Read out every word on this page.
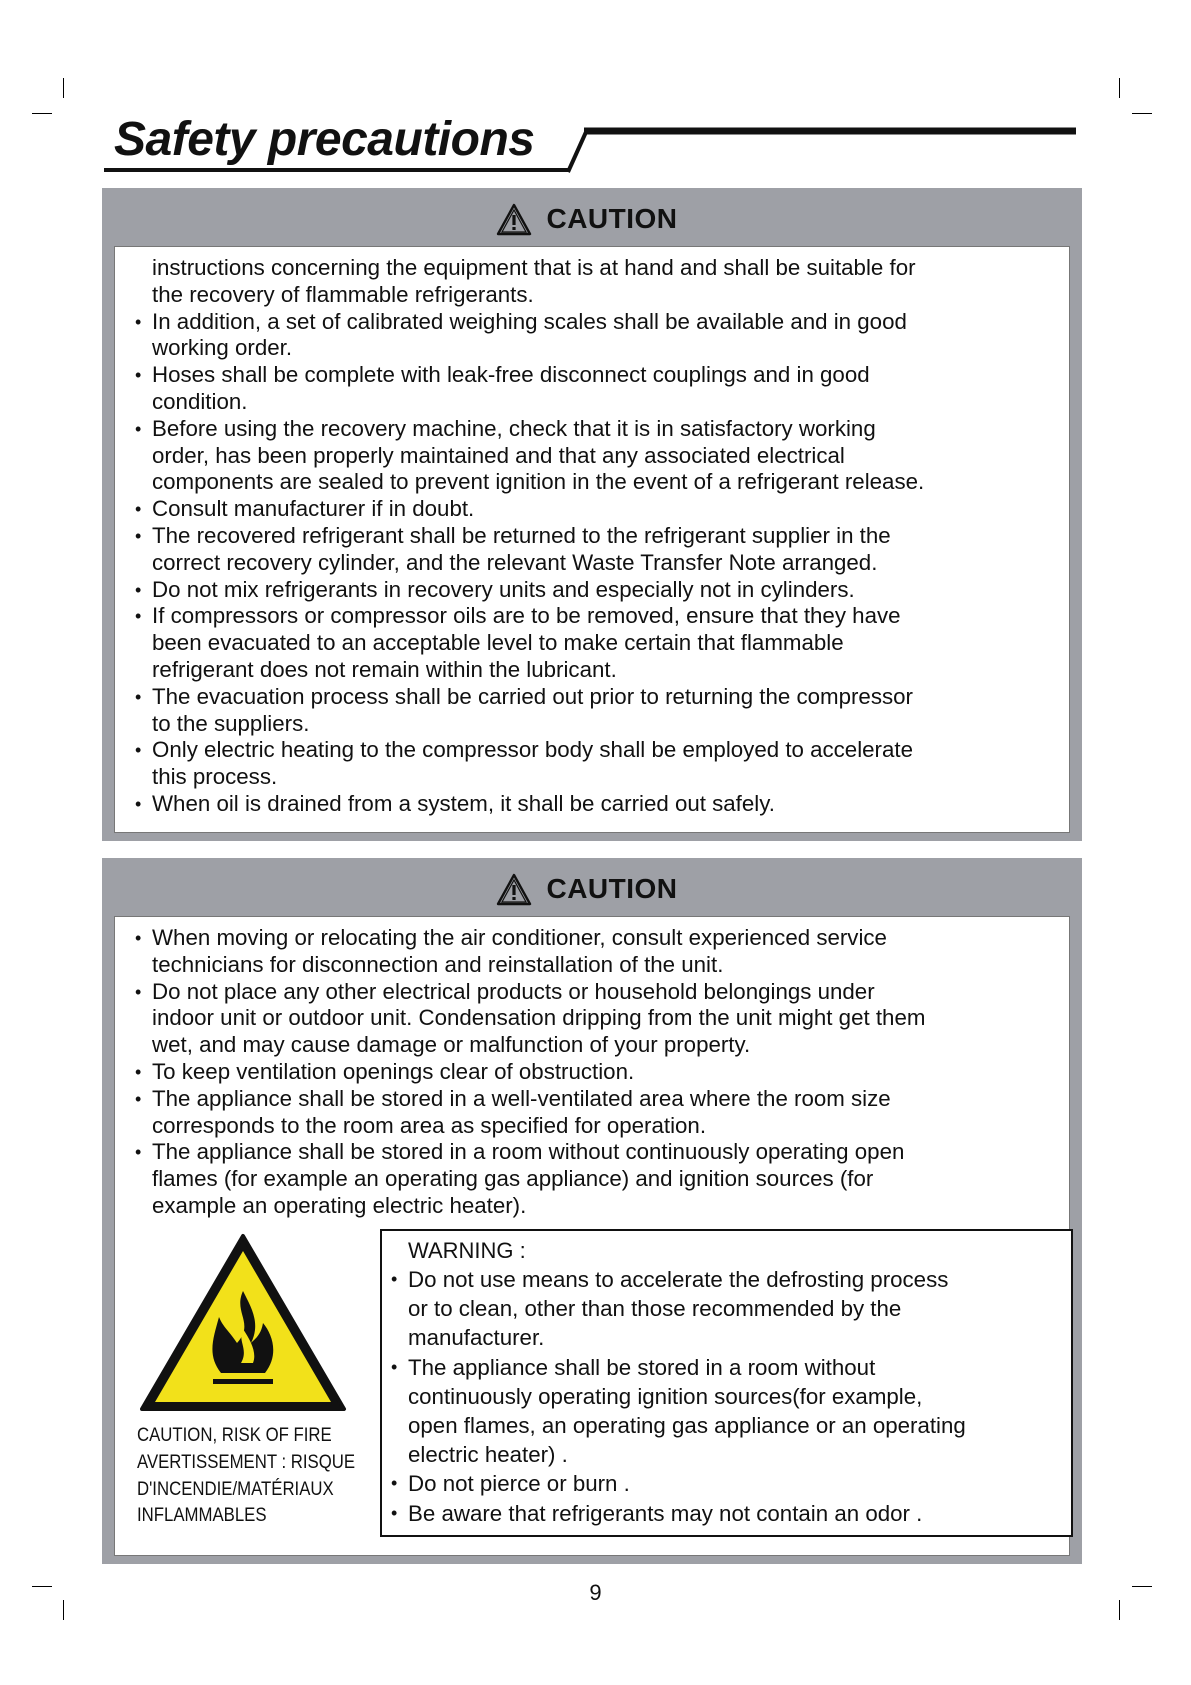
Safety precautions
CAUTION
instructions concerning the equipment that is at hand and shall be suitable for
the recovery of flammable refrigerants.
• In addition, a set of calibrated weighing scales shall be available and in good
working order.
• Hoses shall be complete with leak-free disconnect couplings and in good
condition.
• Before using the recovery machine, check that it is in satisfactory working
order, has been properly maintained and that any associated electrical
components are sealed to prevent ignition in the event of a refrigerant release.
• Consult manufacturer if in doubt.
• The recovered refrigerant shall be returned to the refrigerant supplier in the
correct recovery cylinder, and the relevant Waste Transfer Note arranged.
• Do not mix refrigerants in recovery units and especially not in cylinders.
• If compressors or compressor oils are to be removed, ensure that they have
been evacuated to an acceptable level to make certain that flammable
refrigerant does not remain within the lubricant.
• The evacuation process shall be carried out prior to returning the compressor
to the suppliers.
• Only electric heating to the compressor body shall be employed to accelerate
this process.
• When oil is drained from a system, it shall be carried out safely.
CAUTION
• When moving or relocating the air conditioner, consult experienced service
technicians for disconnection and reinstallation of the unit.
• Do not place any other electrical products or household belongings under
indoor unit or outdoor unit. Condensation dripping from the unit might get them
wet, and may cause damage or malfunction of your property.
• To keep ventilation openings clear of obstruction.
• The appliance shall be stored in a well-ventilated area where the room size
corresponds to the room area as specified for operation.
• The appliance shall be stored in a room without continuously operating open
flames (for example an operating gas appliance) and ignition sources (for
example an operating electric heater).
CAUTION, RISK OF FIRE
AVERTISSEMENT : RISQUE
D'INCENDIE/MATÉRIAUX
INFLAMMABLES
WARNING :
• Do not use means to accelerate the defrosting process
or to clean, other than those recommended by the
manufacturer.
• The appliance shall be stored in a room without
continuously operating ignition sources(for example,
open flames, an operating gas appliance or an operating
electric heater) .
• Do not pierce or burn .
• Be aware that refrigerants may not contain an odor .
9
